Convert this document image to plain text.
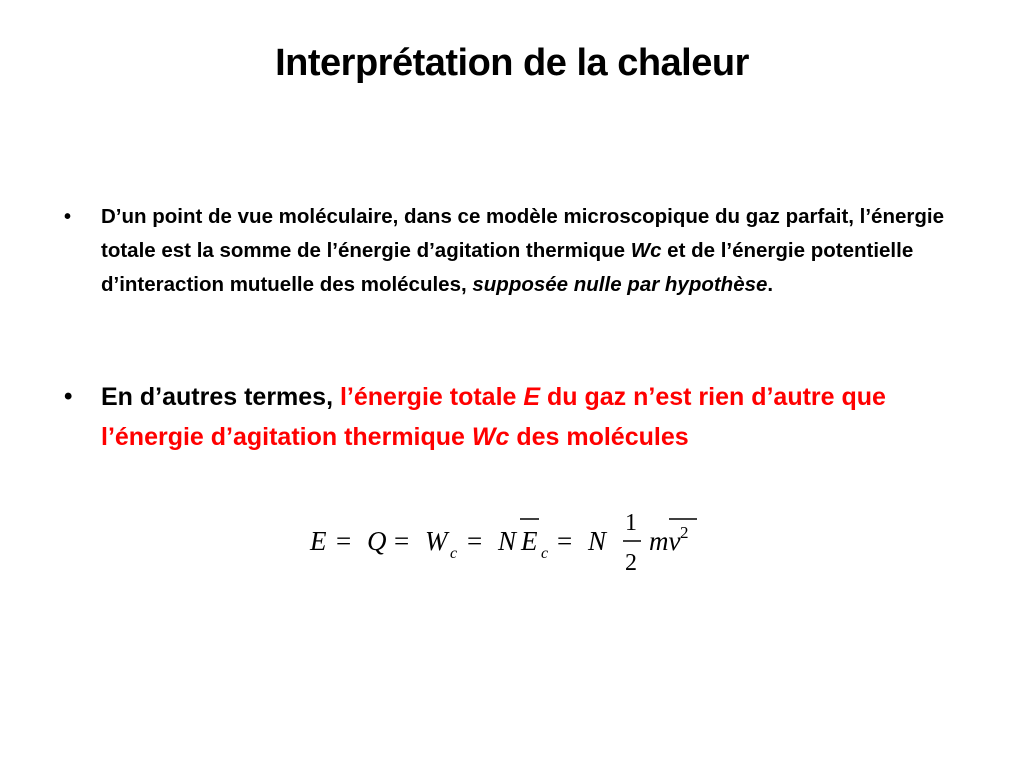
Interprétation de la chaleur
• D’un point de vue moléculaire, dans ce modèle microscopique du gaz parfait, l’énergie totale est la somme de l’énergie d’agitation thermique Wc et de l’énergie potentielle d’interaction mutuelle des molécules, supposée nulle par hypothèse.
• En d’autres termes, l’énergie totale E du gaz n’est rien d’autre que l’énergie d’agitation thermique Wc des molécules
E = Q = W c = N E c = N
1
2
mv 2
